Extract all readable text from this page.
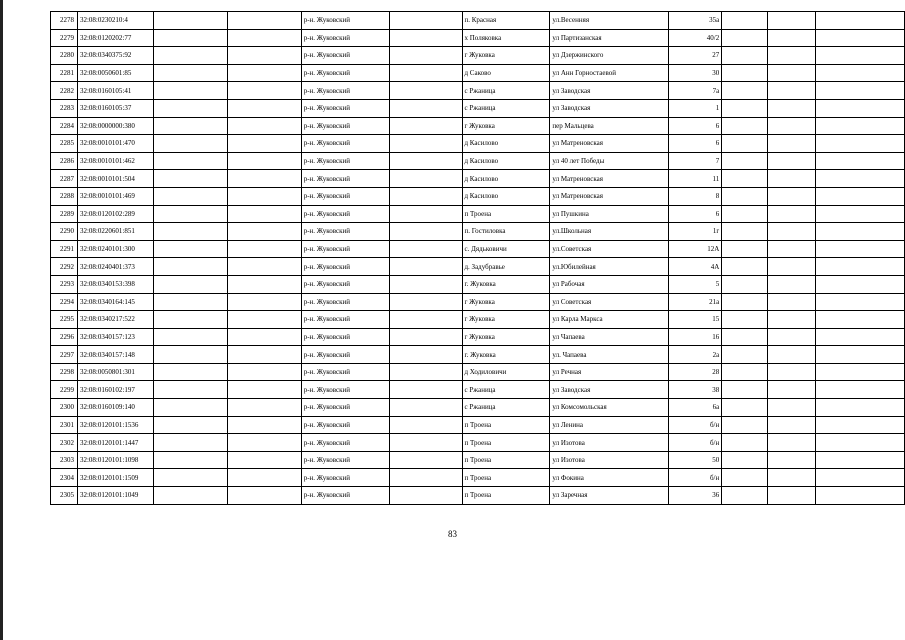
2278	32:08:0230210:4			р-н. Жуковский		п. Красная	ул.Весенняя	35а			
2279	32:08:0120202:77			р-н. Жуковский		х Поляковка	ул Партизанская	40/2			
2280	32:08:0340375:92			р-н. Жуковский		г Жуковка	ул Дзержинского	27			
2281	32:08:0050601:85			р-н. Жуковский		д Саково	ул Анн Горностаевой	30			
2282	32:08:0160105:41			р-н. Жуковский		с Ржаница	ул Заводская	7а			
2283	32:08:0160105:37			р-н. Жуковский		с Ржаница	ул Заводская	1			
2284	32:08:0000000:380			р-н. Жуковский		г Жуковка	пер Мальцева	6			
2285	32:08:0010101:470			р-н. Жуковский		д Касилово	ул Матреновская	6			
2286	32:08:0010101:462			р-н. Жуковский		д Касилово	ул 40 лет Победы	7			
2287	32:08:0010101:504			р-н. Жуковский		д Касилово	ул Матреновская	11			
2288	32:08:0010101:469			р-н. Жуковский		д Касилово	ул Матреновская	8			
2289	32:08:0120102:289			р-н. Жуковский		п Троена	ул Пушкина	6			
2290	32:08:0220601:851			р-н. Жуковский		п. Гостиловка	ул.Школьная	1г			
2291	32:08:0240101:300			р-н. Жуковский		с. Дядьковичи	ул.Советская	12А			
2292	32:08:0240401:373			р-н. Жуковский		д. Задубравье	ул.Юбилейная	4А			
2293	32:08:0340153:398			р-н. Жуковский		г. Жуковка	ул Рабочая	5			
2294	32:08:0340164:145			р-н. Жуковский		г Жуковка	ул Советская	21а			
2295	32:08:0340217:522			р-н. Жуковский		г Жуковка	ул Карла Маркса	15			
2296	32:08:0340157:123			р-н. Жуковский		г Жуковка	ул Чапаева	16			
2297	32:08:0340157:148			р-н. Жуковский		г. Жуковка	ул. Чапаева	2а			
2298	32:08:0050801:301			р-н. Жуковский		д Ходиловичи	ул Речная	28			
2299	32:08:0160102:197			р-н. Жуковский		с Ржаница	ул Заводская	38			
2300	32:08:0160109:140			р-н. Жуковский		с Ржаница	ул Комсомольская	6а			
2301	32:08:0120101:1536			р-н. Жуковский		п Троена	ул Ленина	б/н			
2302	32:08:0120101:1447			р-н. Жуковский		п Троена	ул Изотова	б/н			
2303	32:08:0120101:1098			р-н. Жуковский		п Троена	ул Изотова	50			
2304	32:08:0120101:1509			р-н. Жуковский		п Троена	ул Фокина	б/н			
2305	32:08:0120101:1049			р-н. Жуковский		п Троена	ул Заречная	36			
83
